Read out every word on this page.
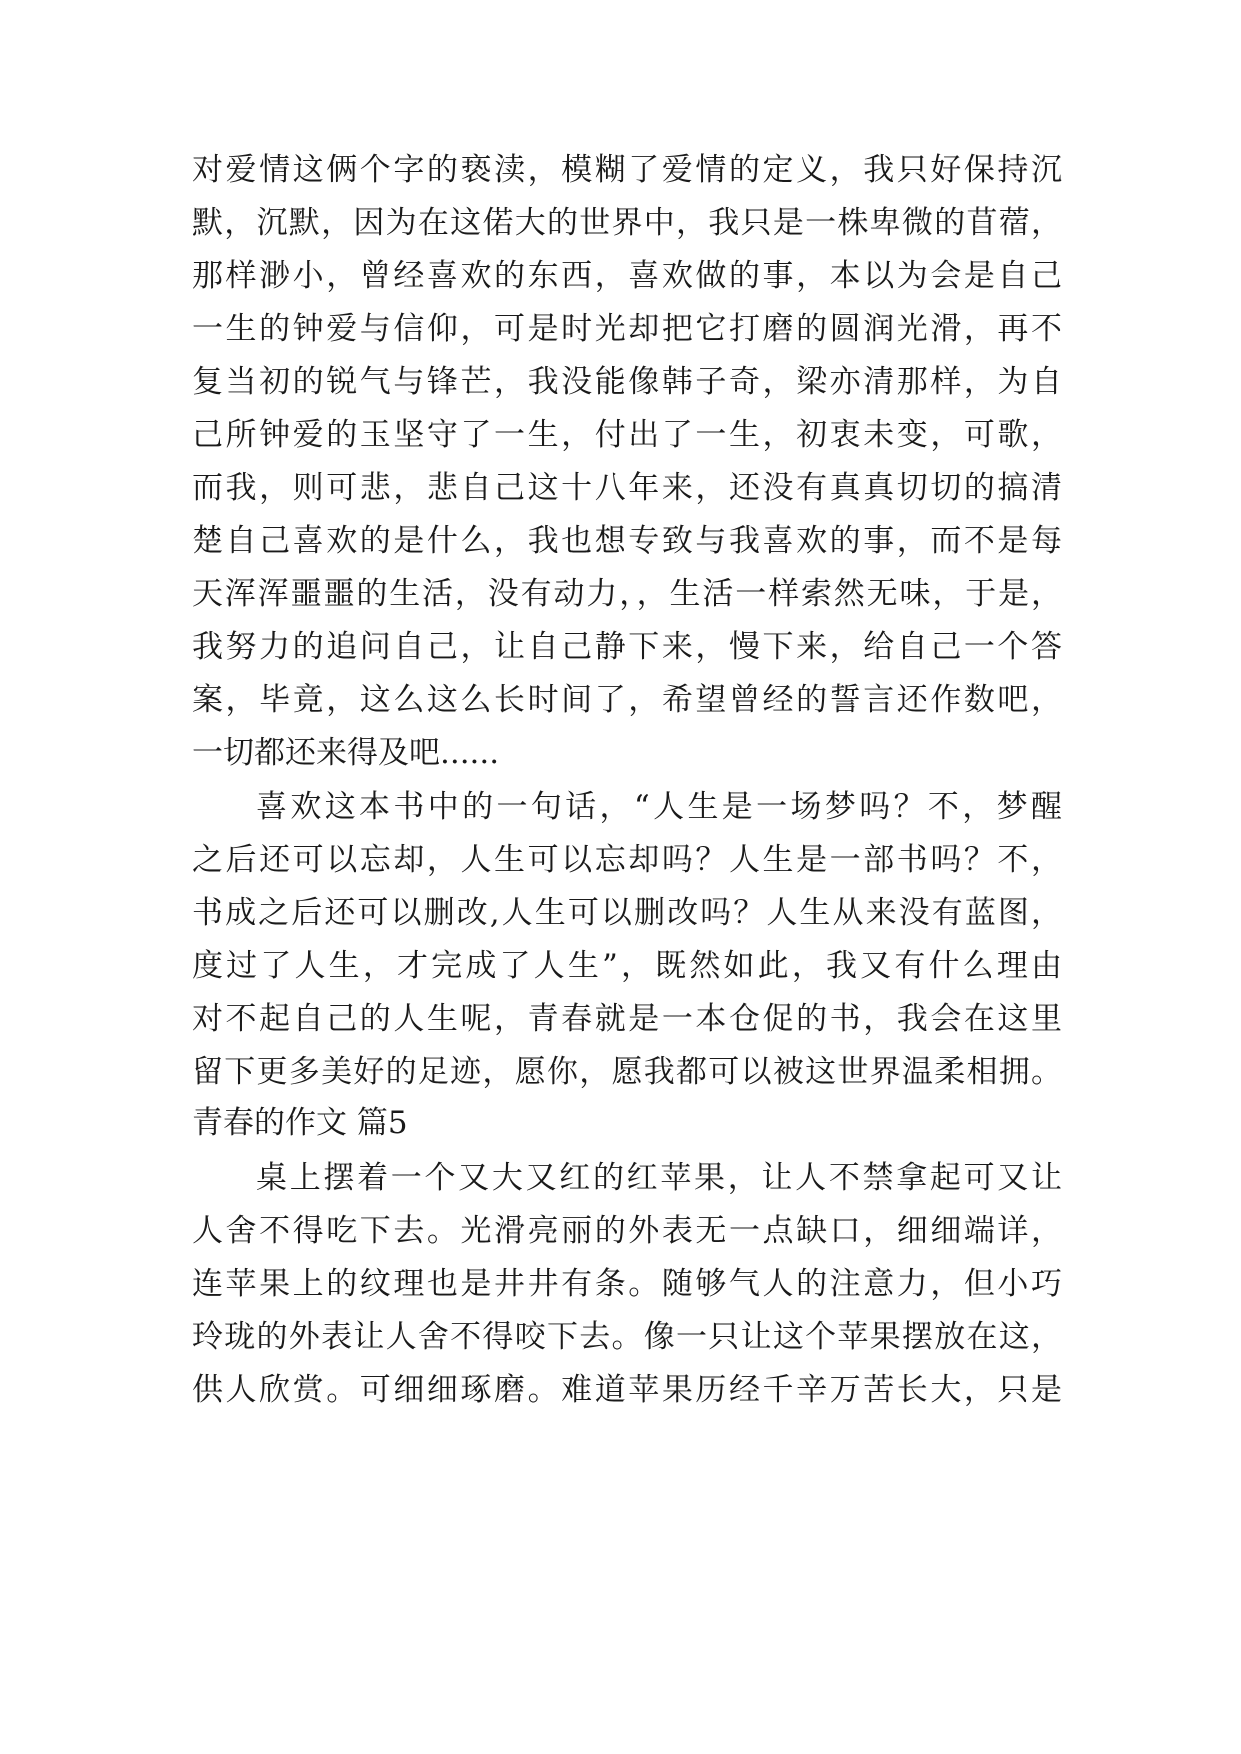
对爱情这俩个字的亵渎，模糊了爱情的定义，我只好保持沉
默，沉默，因为在这偌大的世界中，我只是一株卑微的苜蓿，
那样渺小，曾经喜欢的东西，喜欢做的事，本以为会是自己
一生的钟爱与信仰，可是时光却把它打磨的圆润光滑，再不
复当初的锐气与锋芒，我没能像韩子奇，梁亦清那样，为自
己所钟爱的玉坚守了一生，付出了一生，初衷未变，可歌，
而我，则可悲，悲自己这十八年来，还没有真真切切的搞清
楚自己喜欢的是什么，我也想专致与我喜欢的事，而不是每
天浑浑噩噩的生活，没有动力，，生活一样索然无味，于是，
我努力的追问自己，让自己静下来，慢下来，给自己一个答
案，毕竟，这么这么长时间了，希望曾经的誓言还作数吧，
一切都还来得及吧......
喜欢这本书中的一句话，“人生是一场梦吗？不，梦醒
之后还可以忘却，人生可以忘却吗？人生是一部书吗？不，
书成之后还可以删改,人生可以删改吗？人生从来没有蓝图，
度过了人生，才完成了人生”，既然如此，我又有什么理由
对不起自己的人生呢，青春就是一本仓促的书，我会在这里
留下更多美好的足迹，愿你，愿我都可以被这世界温柔相拥。
青春的作文 篇5
桌上摆着一个又大又红的红苹果，让人不禁拿起可又让
人舍不得吃下去。光滑亮丽的外表无一点缺口，细细端详，
连苹果上的纹理也是井井有条。随够气人的注意力，但小巧
玲珑的外表让人舍不得咬下去。像一只让这个苹果摆放在这，
供人欣赏。可细细琢磨。难道苹果历经千辛万苦长大，只是
